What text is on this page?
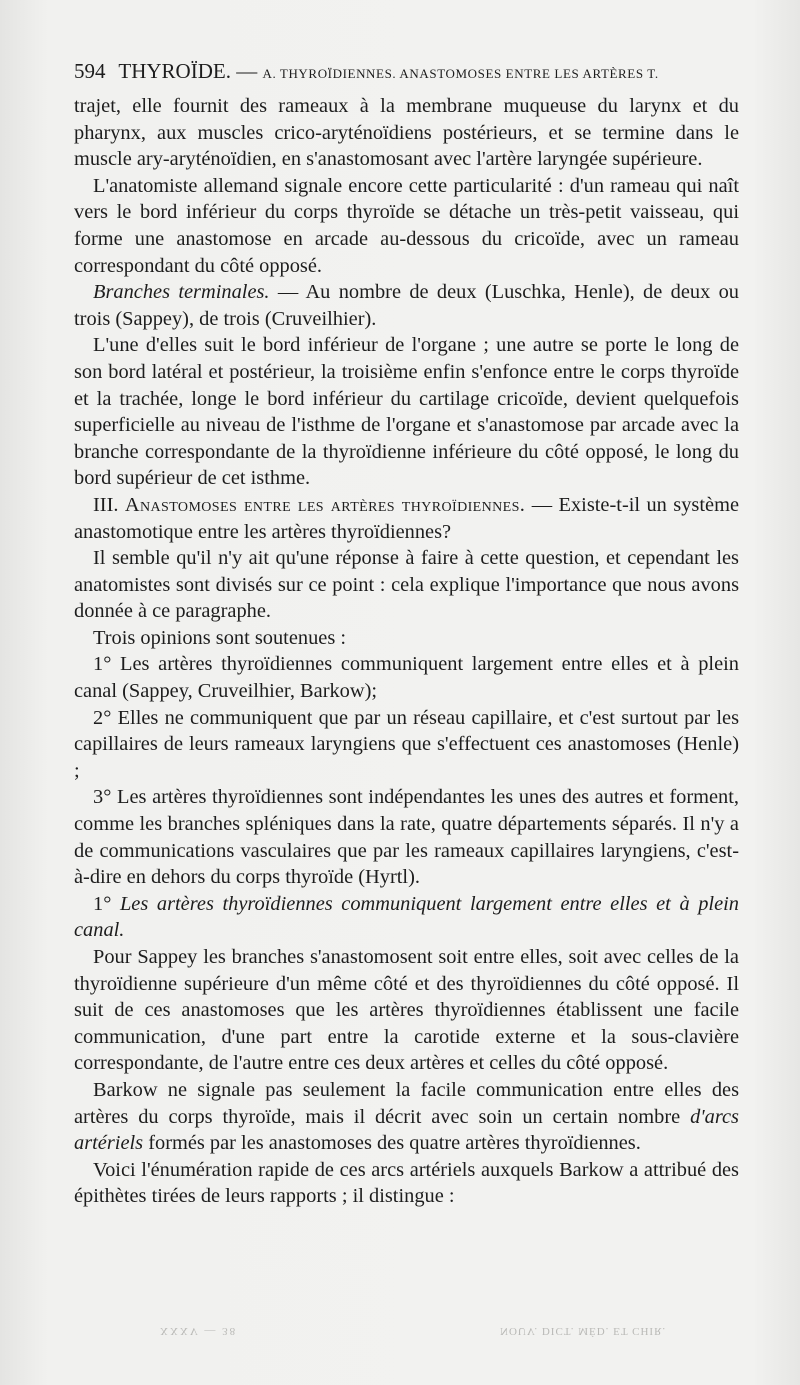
594 THYROÏDE. — A. THYROÏDIENNES. ANASTOMOSES ENTRE LES ARTÈRES T.

trajet, elle fournit des rameaux à la membrane muqueuse du larynx et du pharynx, aux muscles crico-aryténoïdiens postérieurs, et se termine dans le muscle ary-aryténoïdien, en s'anastomosant avec l'artère laryngée supérieure.

L'anatomiste allemand signale encore cette particularité : d'un rameau qui naît vers le bord inférieur du corps thyroïde se détache un très-petit vaisseau, qui forme une anastomose en arcade au-dessous du cricoïde, avec un rameau correspondant du côté opposé.

Branches terminales. — Au nombre de deux (Luschka, Henle), de deux ou trois (Sappey), de trois (Cruveilhier).

L'une d'elles suit le bord inférieur de l'organe ; une autre se porte le long de son bord latéral et postérieur, la troisième enfin s'enfonce entre le corps thyroïde et la trachée, longe le bord inférieur du cartilage cricoïde, devient quelquefois superficielle au niveau de l'isthme de l'organe et s'anastomose par arcade avec la branche correspondante de la thyroïdienne inférieure du côté opposé, le long du bord supérieur de cet isthme.

III. Anastomoses entre les artères thyroïdiennes. — Existe-t-il un système anastomotique entre les artères thyroïdiennes?

Il semble qu'il n'y ait qu'une réponse à faire à cette question, et cependant les anatomistes sont divisés sur ce point : cela explique l'importance que nous avons donnée à ce paragraphe.

Trois opinions sont soutenues :

1° Les artères thyroïdiennes communiquent largement entre elles et à plein canal (Sappey, Cruveilhier, Barkow);

2° Elles ne communiquent que par un réseau capillaire, et c'est surtout par les capillaires de leurs rameaux laryngiens que s'effectuent ces anastomoses (Henle) ;

3° Les artères thyroïdiennes sont indépendantes les unes des autres et forment, comme les branches spléniques dans la rate, quatre départements séparés. Il n'y a de communications vasculaires que par les rameaux capillaires laryngiens, c'est-à-dire en dehors du corps thyroïde (Hyrtl).

1° Les artères thyroïdiennes communiquent largement entre elles et à plein canal.

Pour Sappey les branches s'anastomosent soit entre elles, soit avec celles de la thyroïdienne supérieure d'un même côté et des thyroïdiennes du côté opposé. Il suit de ces anastomoses que les artères thyroïdiennes établissent une facile communication, d'une part entre la carotide externe et la sous-clavière correspondante, de l'autre entre ces deux artères et celles du côté opposé.

Barkow ne signale pas seulement la facile communication entre elles des artères du corps thyroïde, mais il décrit avec soin un certain nombre d'arcs artériels formés par les anastomoses des quatre artères thyroïdiennes.

Voici l'énumération rapide de ces arcs artériels auxquels Barkow a attribué des épithètes tirées de leurs rapports ; il distingue :

XXXV — 38	NOUV. DICT. MÉD. ET CHIR.
